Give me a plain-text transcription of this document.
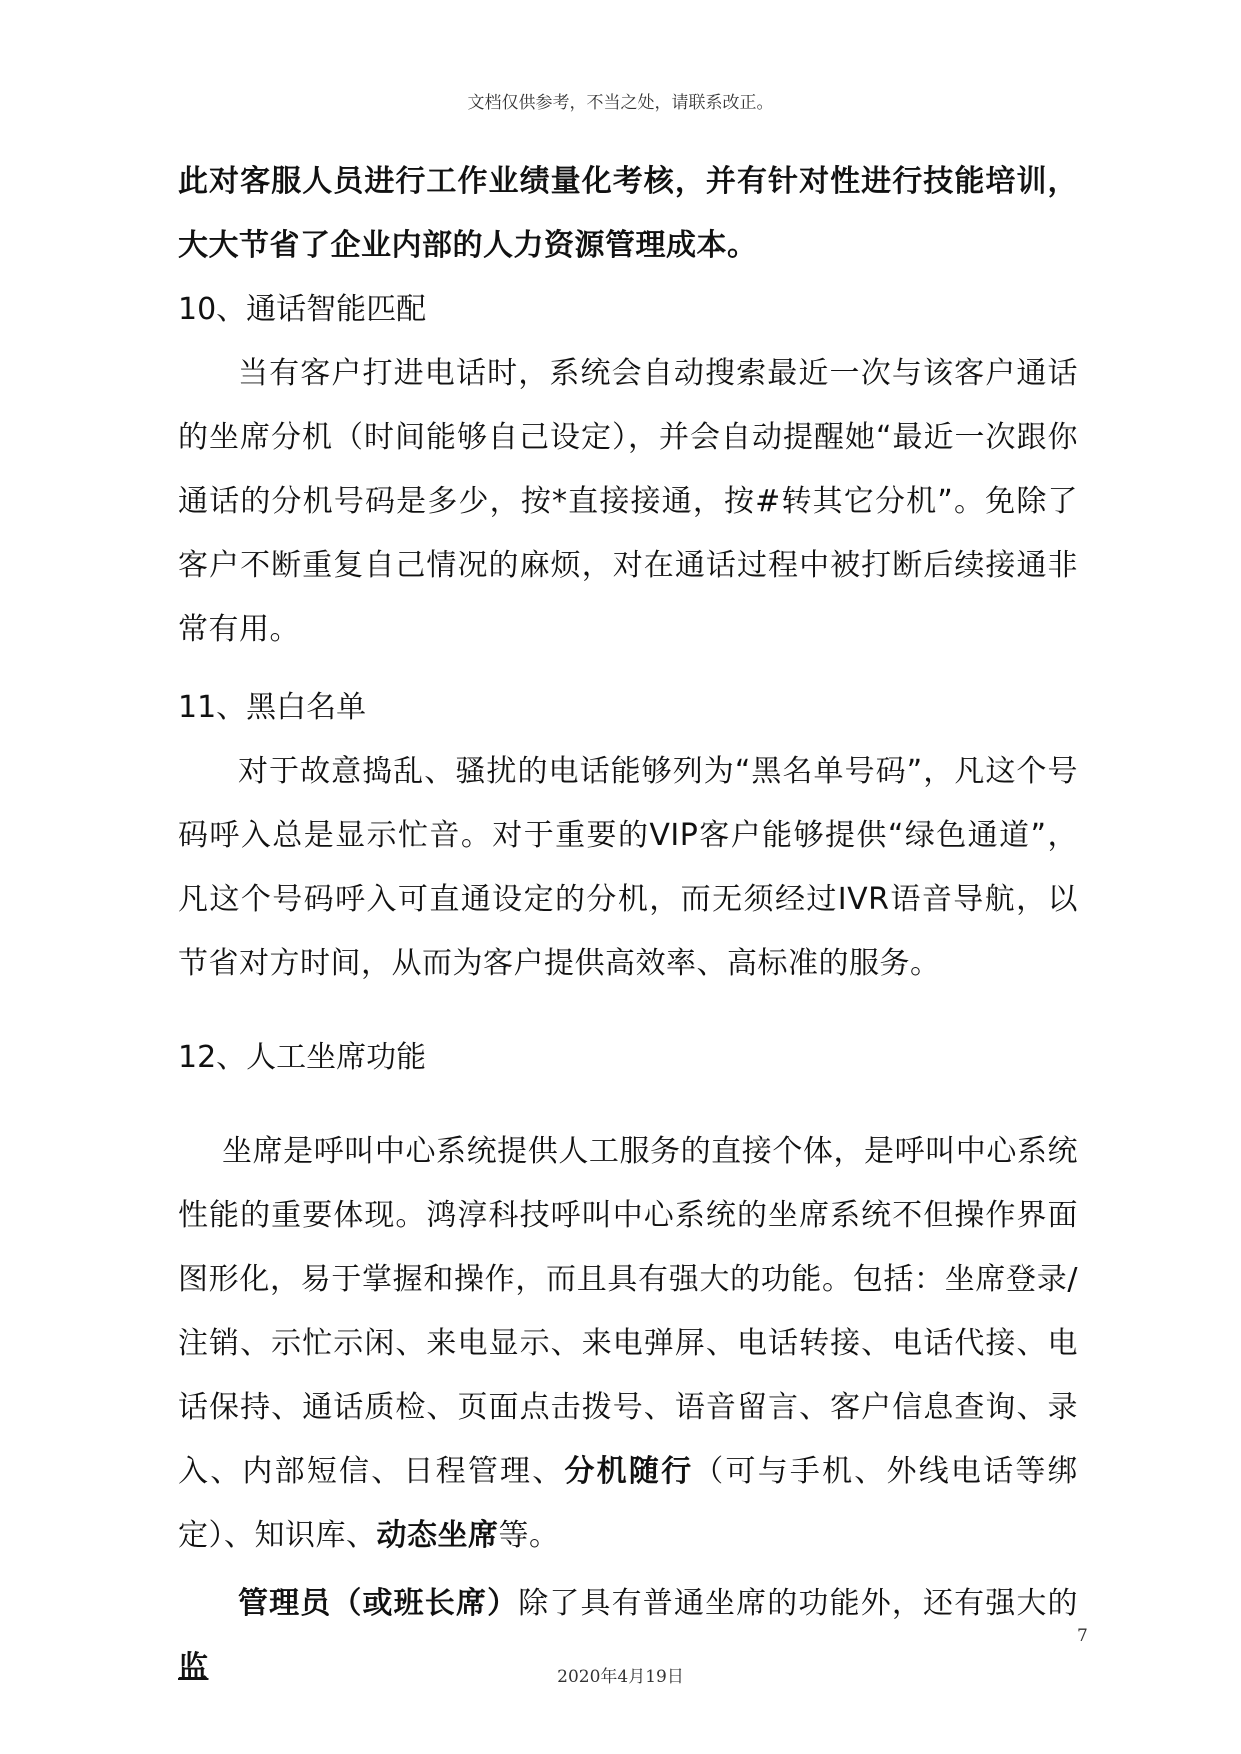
文档仅供参考，不当之处，请联系改正。

此对客服人员进行工作业绩量化考核，并有针对性进行技能培训，大大节省了企业内部的人力资源管理成本。

10、通话智能匹配

当有客户打进电话时，系统会自动搜索最近一次与该客户通话的坐席分机（时间能够自己设定），并会自动提醒她“最近一次跟你通话的分机号码是多少，按*直接接通，按#转其它分机”。免除了客户不断重复自己情况的麻烦，对在通话过程中被打断后续接通非常有用。

11、黑白名单

对于故意捣乱、骚扰的电话能够列为“黑名单号码”，凡这个号码呼入总是显示忙音。对于重要的VIP客户能够提供“绿色通道”，凡这个号码呼入可直通设定的分机，而无须经过IVR语音导航，以节省对方时间，从而为客户提供高效率、高标准的服务。

12、人工坐席功能

坐席是呼叫中心系统提供人工服务的直接个体，是呼叫中心系统性能的重要体现。鸿淳科技呼叫中心系统的坐席系统不但操作界面图形化，易于掌握和操作，而且具有强大的功能。包括：坐席登录/注销、示忙示闲、来电显示、来电弹屏、电话转接、电话代接、电话保持、通话质检、页面点击拨号、语音留言、客户信息查询、录入、内部短信、日程管理、分机随行（可与手机、外线电话等绑定）、知识库、动态坐席等。

管理员（或班长席）除了具有普通坐席的功能外，还有强大的监

7
2020年4月19日
